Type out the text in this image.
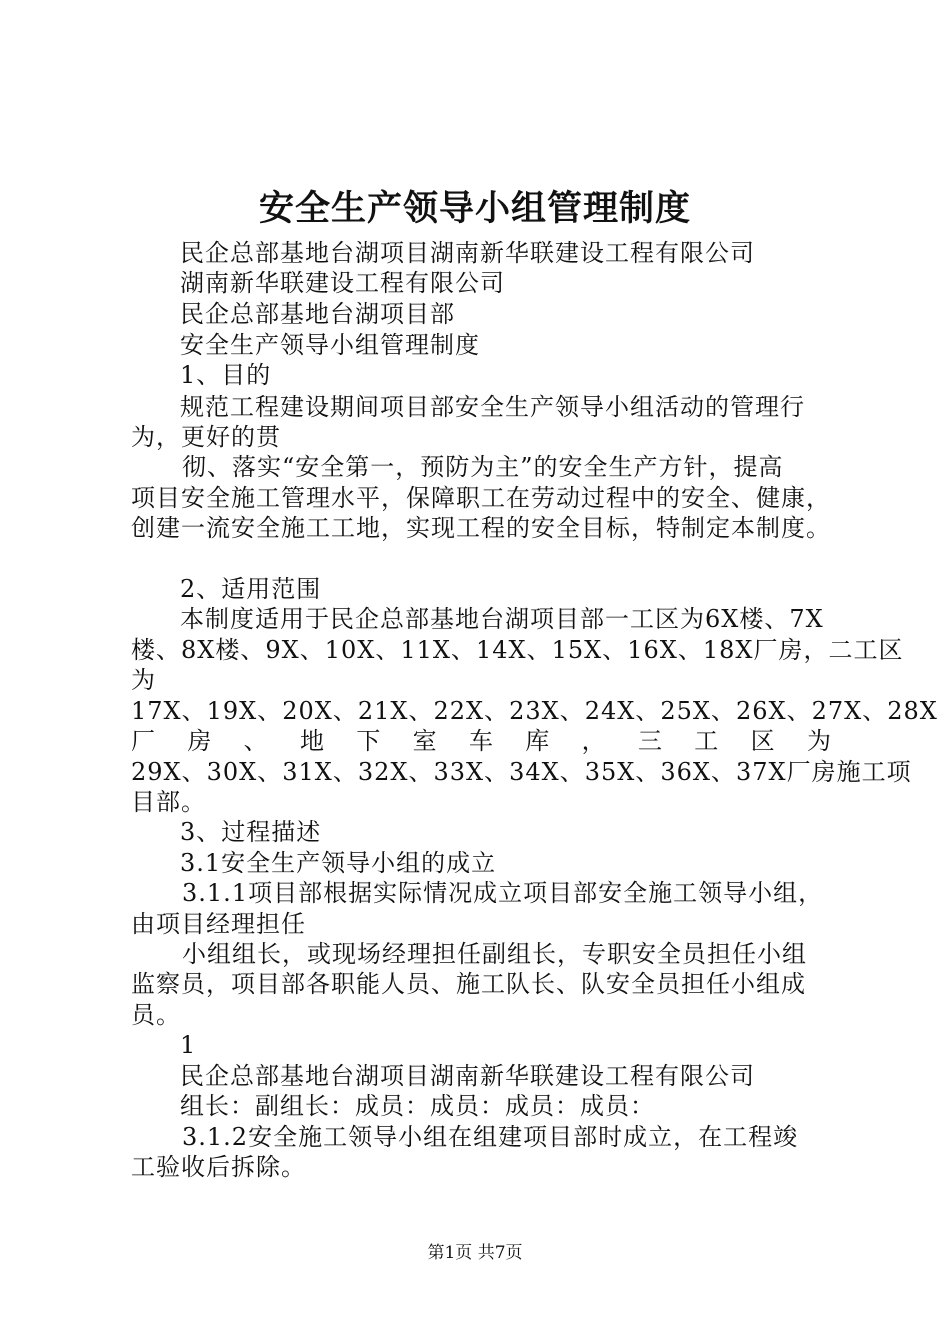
安全生产领导小组管理制度
民企总部基地台湖项目湖南新华联建设工程有限公司
湖南新华联建设工程有限公司
民企总部基地台湖项目部
安全生产领导小组管理制度
1、目的
规范工程建设期间项目部安全生产领导小组活动的管理行
为，更好的贯
彻、落实“安全第一，预防为主”的安全生产方针，提高
项目安全施工管理水平，保障职工在劳动过程中的安全、健康，
创建一流安全施工工地，实现工程的安全目标，特制定本制度。
2、适用范围
本制度适用于民企总部基地台湖项目部一工区为6X楼、7X
楼、8X楼、9X、10X、11X、14X、15X、16X、18X厂房，二工区
为
17X、19X、20X、21X、22X、23X、24X、25X、26X、27X、28X
厂 房 、 地 下 室 车 库 ， 三 工 区 为
29X、30X、31X、32X、33X、34X、35X、36X、37X厂房施工项
目部。
3、过程描述
3.1安全生产领导小组的成立
3.1.1项目部根据实际情况成立项目部安全施工领导小组，
由项目经理担任
小组组长，或现场经理担任副组长，专职安全员担任小组
监察员，项目部各职能人员、施工队长、队安全员担任小组成
员。
1
民企总部基地台湖项目湖南新华联建设工程有限公司
组长：副组长：成员：成员：成员：成员：
3.1.2安全施工领导小组在组建项目部时成立，在工程竣
工验收后拆除。
第1页 共7页
